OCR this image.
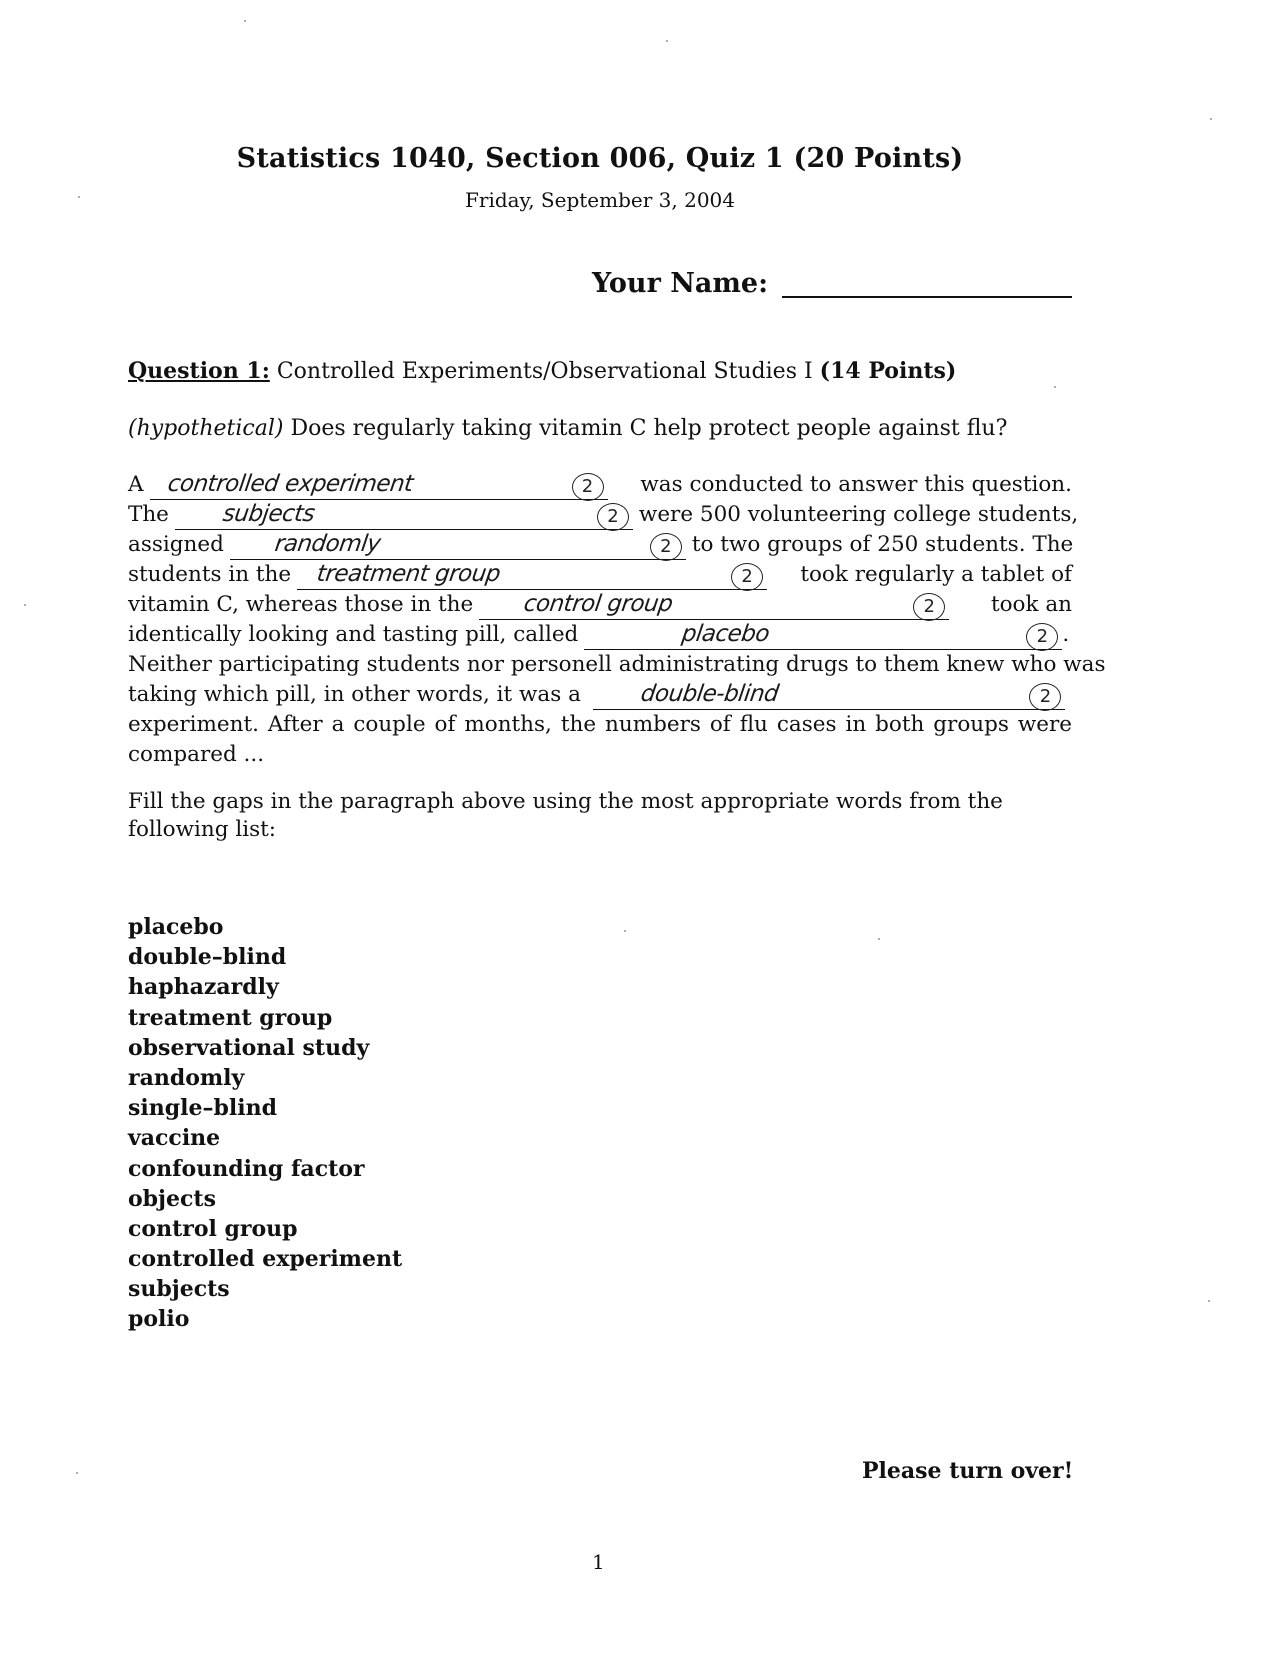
Statistics 1040, Section 006, Quiz 1 (20 Points)
Friday, September 3, 2004
Your Name:
Question 1: Controlled Experiments/Observational Studies I (14 Points)
(hypothetical) Does regularly taking vitamin C help protect people against flu?
A controlled experiment	2	was conducted to answer this question.
The subjects	2 were 500 volunteering college students,
assigned randomly	2 to two groups of 250 students. The
students in the treatment group	2	took regularly a tablet of
vitamin C, whereas those in the control group	2	took an
identically looking and tasting pill, called	placebo	2 .
Neither participating students nor personell administrating drugs to them knew who was
taking which pill, in other words, it was a	double-blind	2
experiment. After a couple of months, the numbers of flu cases in both groups were
compared ...
Fill the gaps in the paragraph above using the most appropriate words from the following list:
placebo
double–blind
haphazardly
treatment group
observational study
randomly
single–blind
vaccine
confounding factor
objects
control group
controlled experiment
subjects
polio
Please turn over!
1
